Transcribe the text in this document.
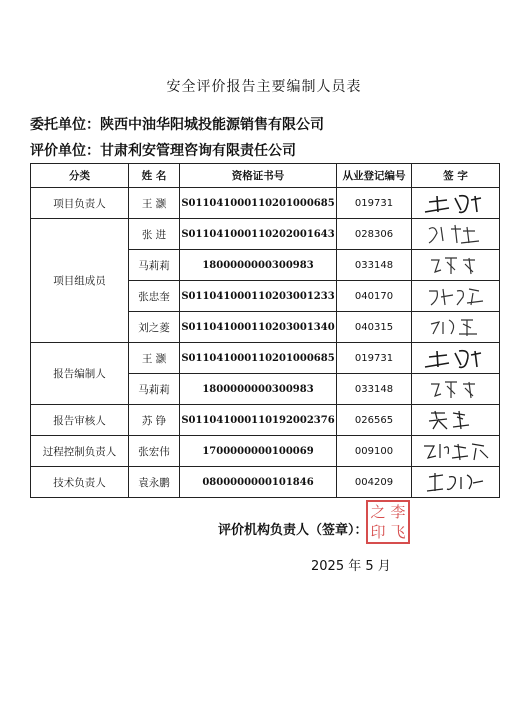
安全评价报告主要编制人员表
委托单位：陕西中油华阳城投能源销售有限公司
评价单位：甘肃利安管理咨询有限责任公司
分类	姓 名	资格证书号	从业登记编号	签 字
项目负责人	王 灏	S011041000110201000685	019731	

项目组成员	张 进	S011041000110202001643	028306	

	马莉莉	1800000000300983	033148	

	张忠奎	S011041000110203001233	040170	

	刘之菱	S011041000110203001340	040315	

报告编制人	王 灏	S011041000110201000685	019731	

	马莉莉	1800000000300983	033148	

报告审核人	苏 铮	S011041000110192002376	026565	

过程控制负责人	张宏伟	1700000000100069	009100	

技术负责人	袁永鹏	0800000000101846	004209	
评价机构负责人（签章）：
之 李
印 飞
2025 年 5 月
